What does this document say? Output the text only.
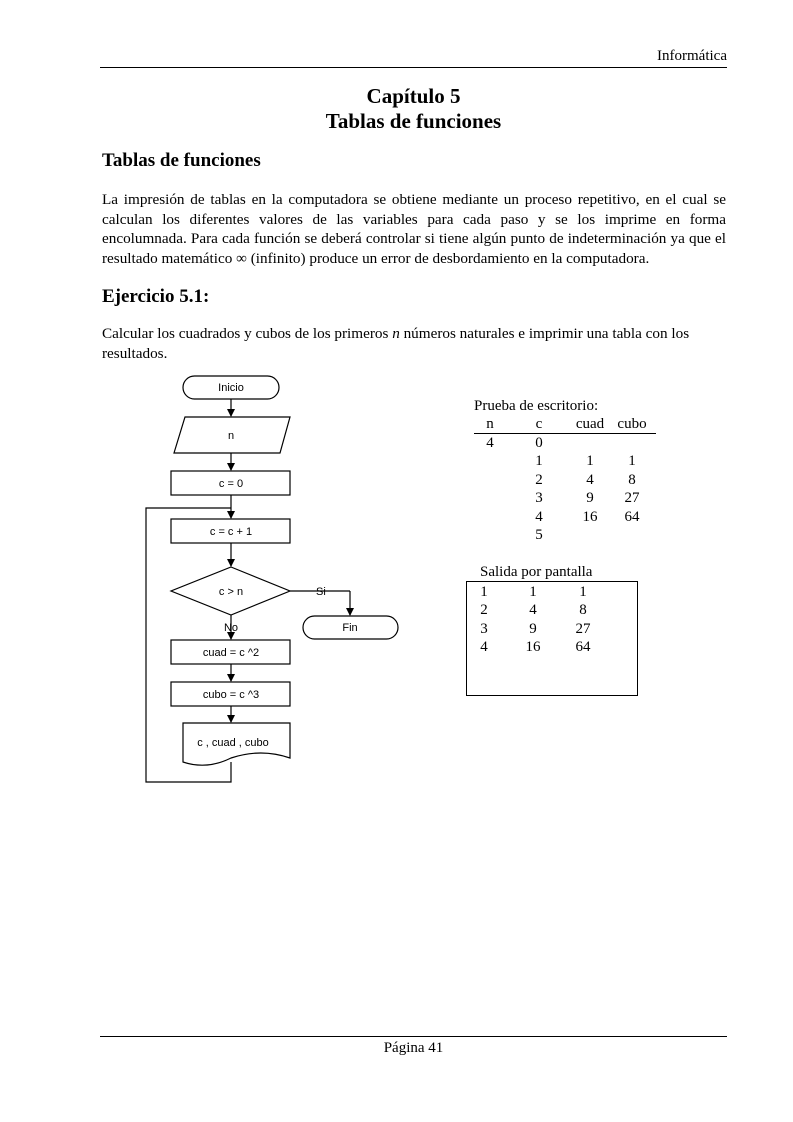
Informática
Capítulo 5
Tablas de funciones
Tablas de funciones
La impresión de tablas en la computadora se obtiene mediante un proceso repetitivo, en el cual se calculan los diferentes valores de las variables para cada paso y se los imprime en forma encolumnada. Para cada función se deberá controlar si tiene algún punto de indeterminación ya que el resultado matemático ∞ (infinito) produce un error de desbordamiento en la computadora.
Ejercicio 5.1:
Calcular los cuadrados y cubos de los primeros n números naturales e imprimir una tabla con los resultados.
Inicio
n
c = 0
c = c + 1
c > n	Si
No	Fin
cuad = c ^2
cubo = c ^3
c , cuad , cubo
Prueba de escritorio:
n	c	cuad	cubo
4	0		
	1	1	1
	2	4	8
	3	9	27
	4	16	64
	5		
Salida por pantalla
1	1	1
2	4	8
3	9	27
4	16	64
Página 41
